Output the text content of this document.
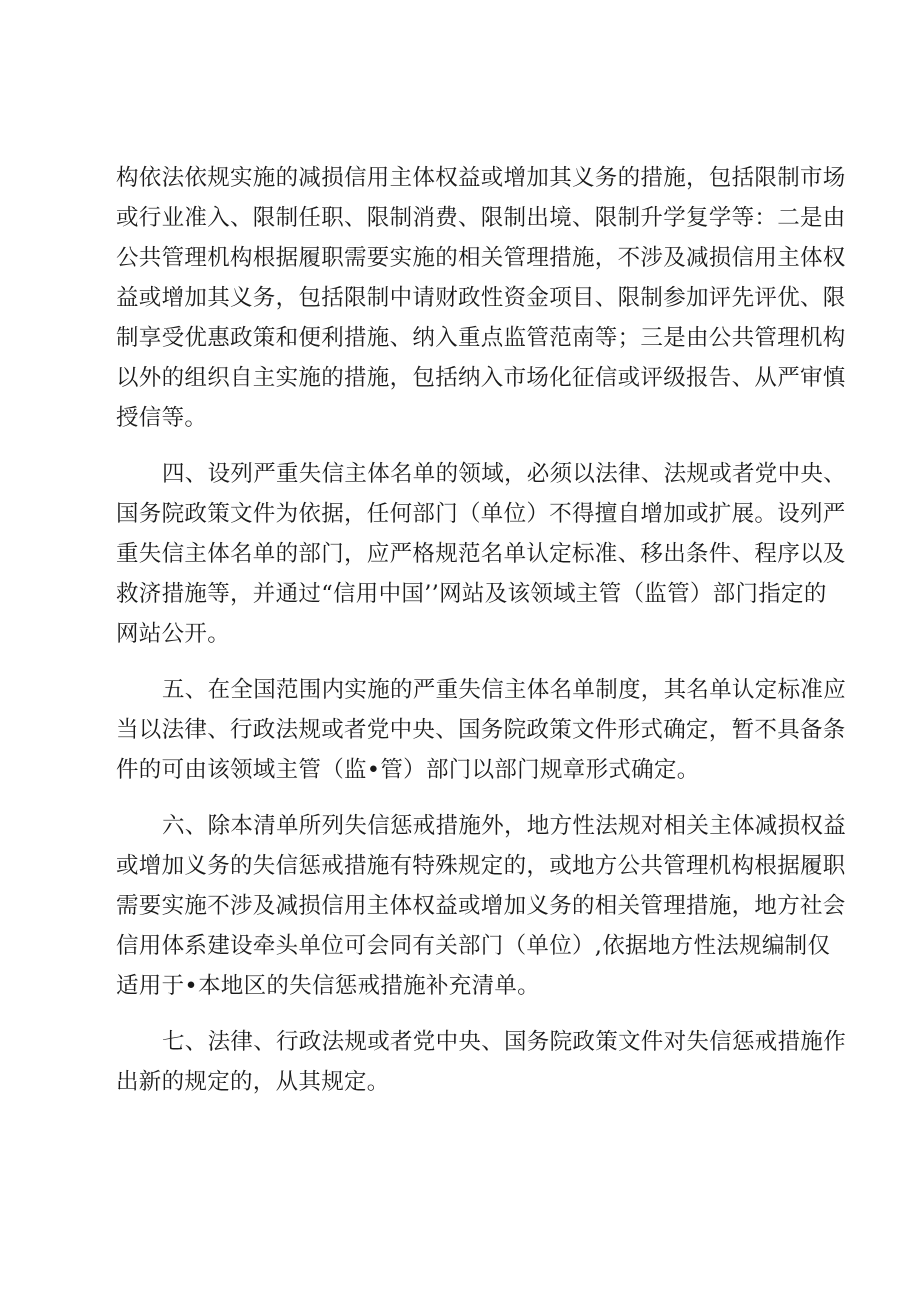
构依法依规实施的减损信用主体权益或增加其义务的措施，包括限制市场
或行业准入、限制任职、限制消费、限制出境、限制升学复学等：二是由
公共管理机构根据履职需要实施的相关管理措施，不涉及减损信用主体权
益或增加其义务，包括限制中请财政性资金项目、限制参加评先评优、限
制享受优惠政策和便利措施、纳入重点监管范南等；三是由公共管理机构
以外的组织自主实施的措施，包括纳入市场化征信或评级报告、从严审慎
授信等。

四、设列严重失信主体名单的领域，必须以法律、法规或者党中央、
国务院政策文件为依据，任何部门（单位）不得擅自增加或扩展。设列严
重失信主体名单的部门，应严格规范名单认定标准、移出条件、程序以及
救济措施等，并通过“信用中国’’网站及该领域主管（监管）部门指定的
网站公开。

五、在全国范围内实施的严重失信主体名单制度，其名单认定标准应
当以法律、行政法规或者党中央、国务院政策文件形式确定，暂不具备条
件的可由该领域主管（监•管）部门以部门规章形式确定。

六、除本清单所列失信惩戒措施外，地方性法规对相关主体减损权益
或增加义务的失信惩戒措施有特殊规定的，或地方公共管理机构根据履职
需要实施不涉及减损信用主体权益或增加义务的相关管理措施，地方社会
信用体系建设牵头单位可会同有关部门（单位）,依据地方性法规编制仅
适用于•本地区的失信惩戒措施补充清单。

七、法律、行政法规或者党中央、国务院政策文件对失信惩戒措施作
出新的规定的，从其规定。
